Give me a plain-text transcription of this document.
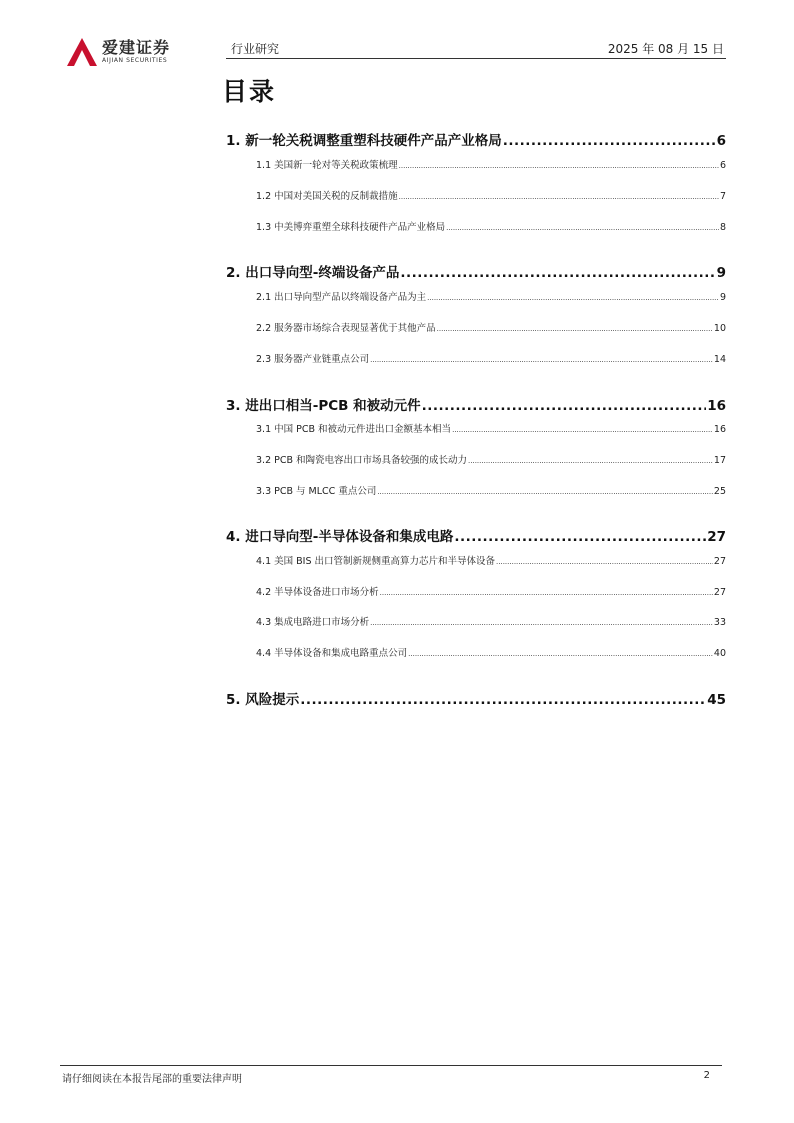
爱建证券
AIJIAN SECURITIES
行业研究	2025 年 08 月 15 日
目录
1. 新一轮关税调整重塑科技硬件产品产业格局 .....	6
1.1 美国新一轮对等关税政策梳理 .....	6
1.2 中国对美国关税的反制裁措施 .....	7
1.3 中美博弈重塑全球科技硬件产品产业格局 .....	8
2. 出口导向型-终端设备产品 .....	9
2.1 出口导向型产品以终端设备产品为主 .....	9
2.2 服务器市场综合表现显著优于其他产品 .....	10
2.3 服务器产业链重点公司 .....	14
3. 进出口相当-PCB 和被动元件 .....	16
3.1 中国 PCB 和被动元件进出口金额基本相当 .....	16
3.2 PCB 和陶瓷电容出口市场具备较强的成长动力 .....	17
3.3 PCB 与 MLCC 重点公司 .....	25
4. 进口导向型-半导体设备和集成电路 .....	27
4.1 美国 BIS 出口管制新规侧重高算力芯片和半导体设备 .....	27
4.2 半导体设备进口市场分析 .....	27
4.3 集成电路进口市场分析 .....	33
4.4 半导体设备和集成电路重点公司 .....	40
5. 风险提示 .....	45
请仔细阅读在本报告尾部的重要法律声明	2
